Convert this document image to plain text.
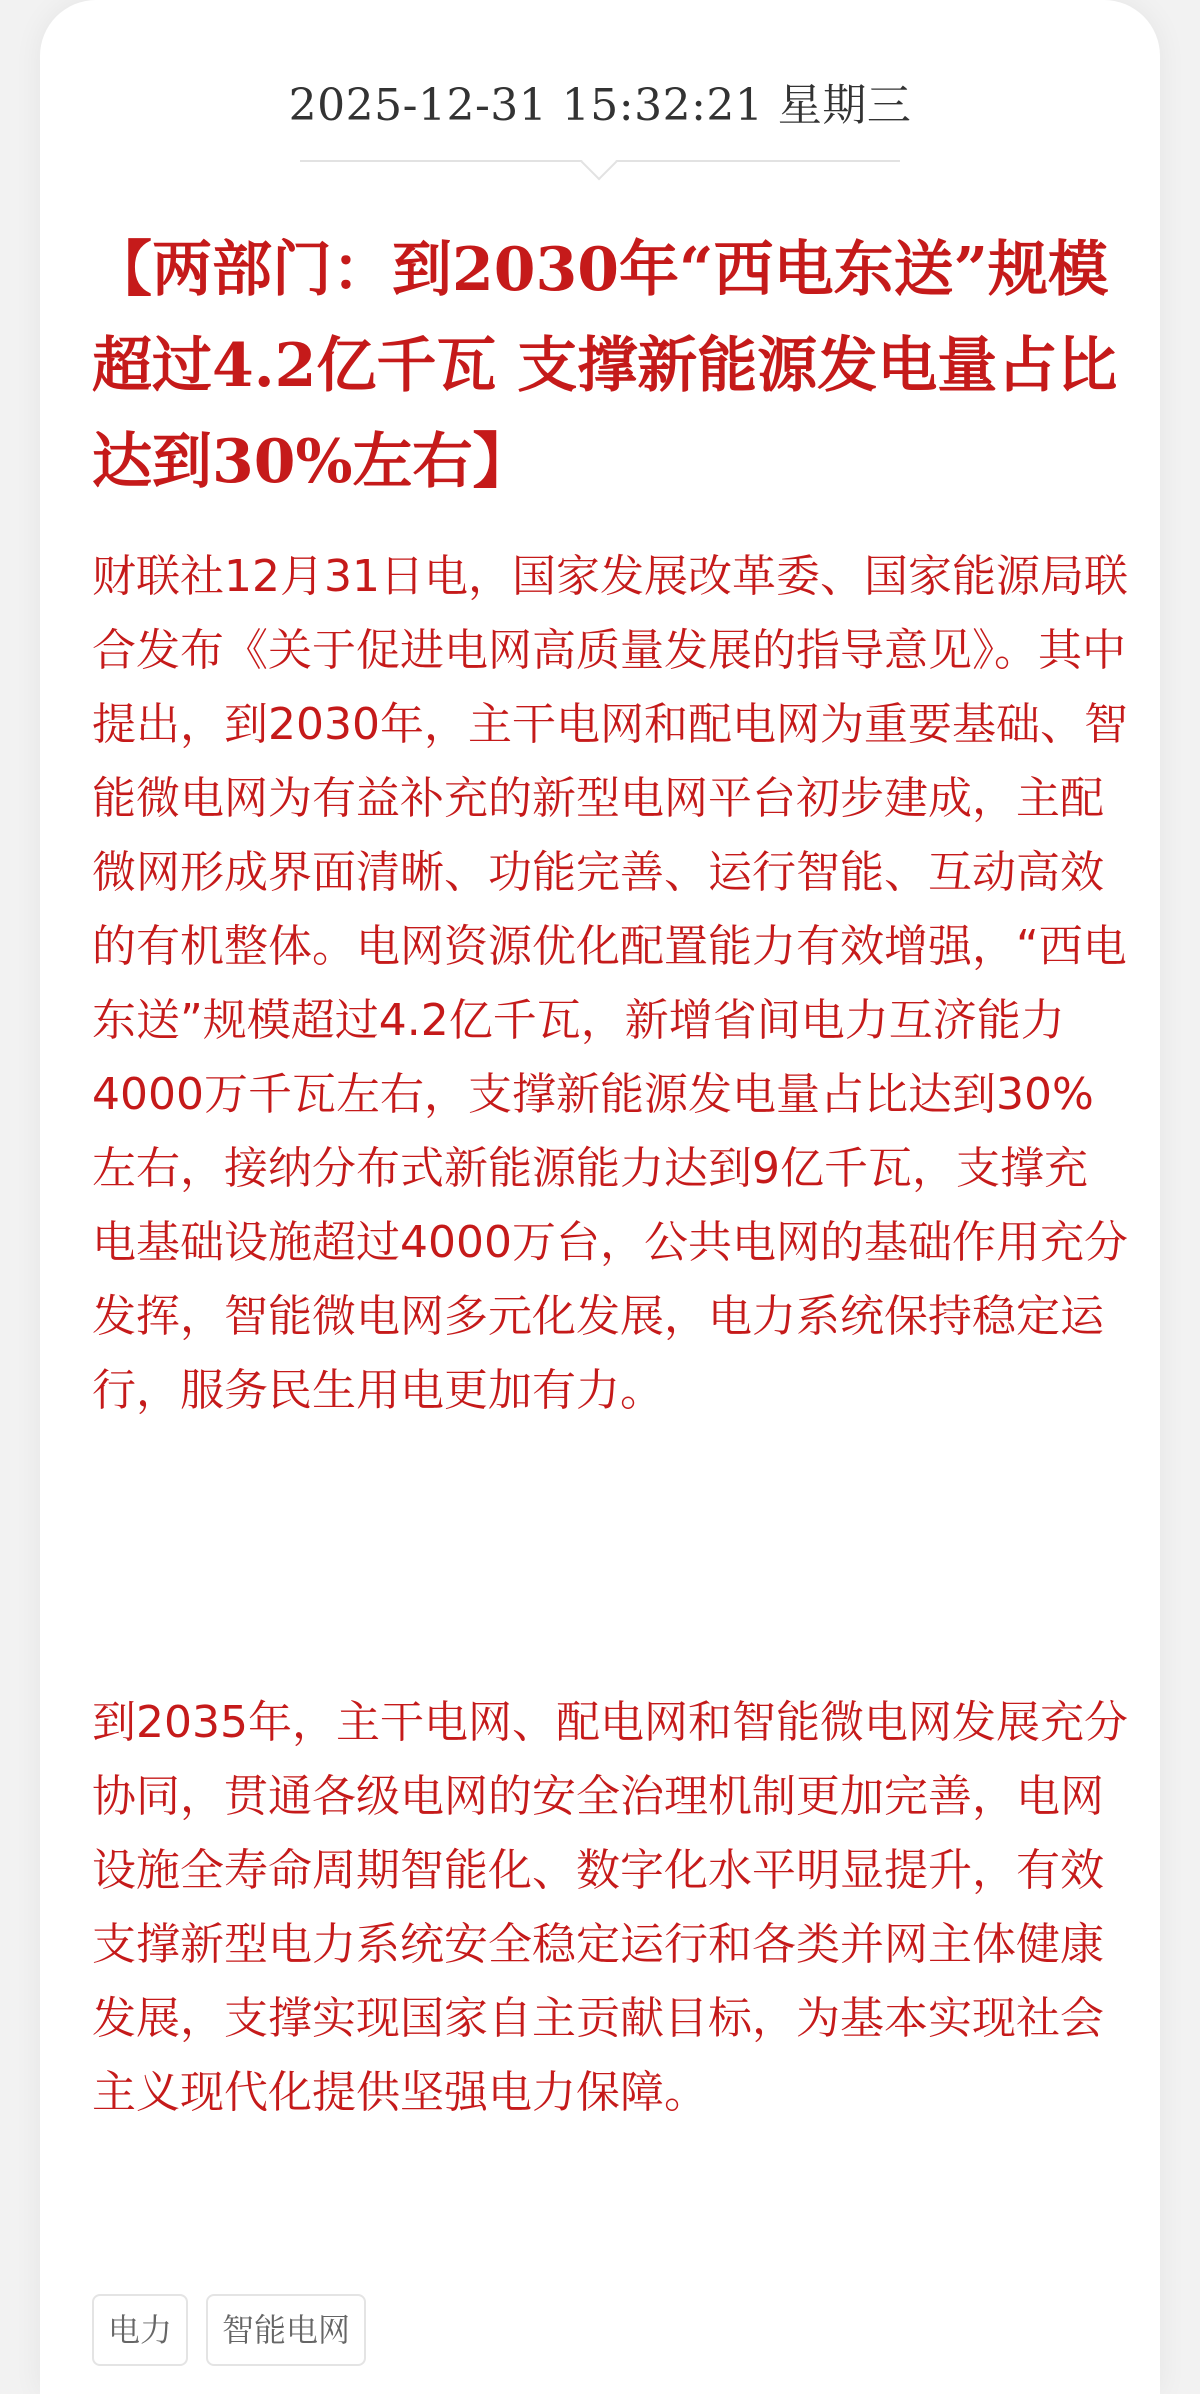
2025-12-31 15:32:21 星期三
【两部门：到2030年“西电东送”规模超过4.2亿千瓦 支撑新能源发电量占比达到30%左右】

财联社12月31日电，国家发展改革委、国家能源局联合发布《关于促进电网高质量发展的指导意见》。其中提出，到2030年，主干电网和配电网为重要基础、智能微电网为有益补充的新型电网平台初步建成，主配微网形成界面清晰、功能完善、运行智能、互动高效的有机整体。电网资源优化配置能力有效增强，“西电东送”规模超过4.2亿千瓦，新增省间电力互济能力4000万千瓦左右，支撑新能源发电量占比达到30%左右，接纳分布式新能源能力达到9亿千瓦，支撑充电基础设施超过4000万台，公共电网的基础作用充分发挥，智能微电网多元化发展，电力系统保持稳定运行，服务民生用电更加有力。

到2035年，主干电网、配电网和智能微电网发展充分协同，贯通各级电网的安全治理机制更加完善，电网设施全寿命周期智能化、数字化水平明显提升，有效支撑新型电力系统安全稳定运行和各类并网主体健康发展，支撑实现国家自主贡献目标，为基本实现社会主义现代化提供坚强电力保障。

电力	智能电网
